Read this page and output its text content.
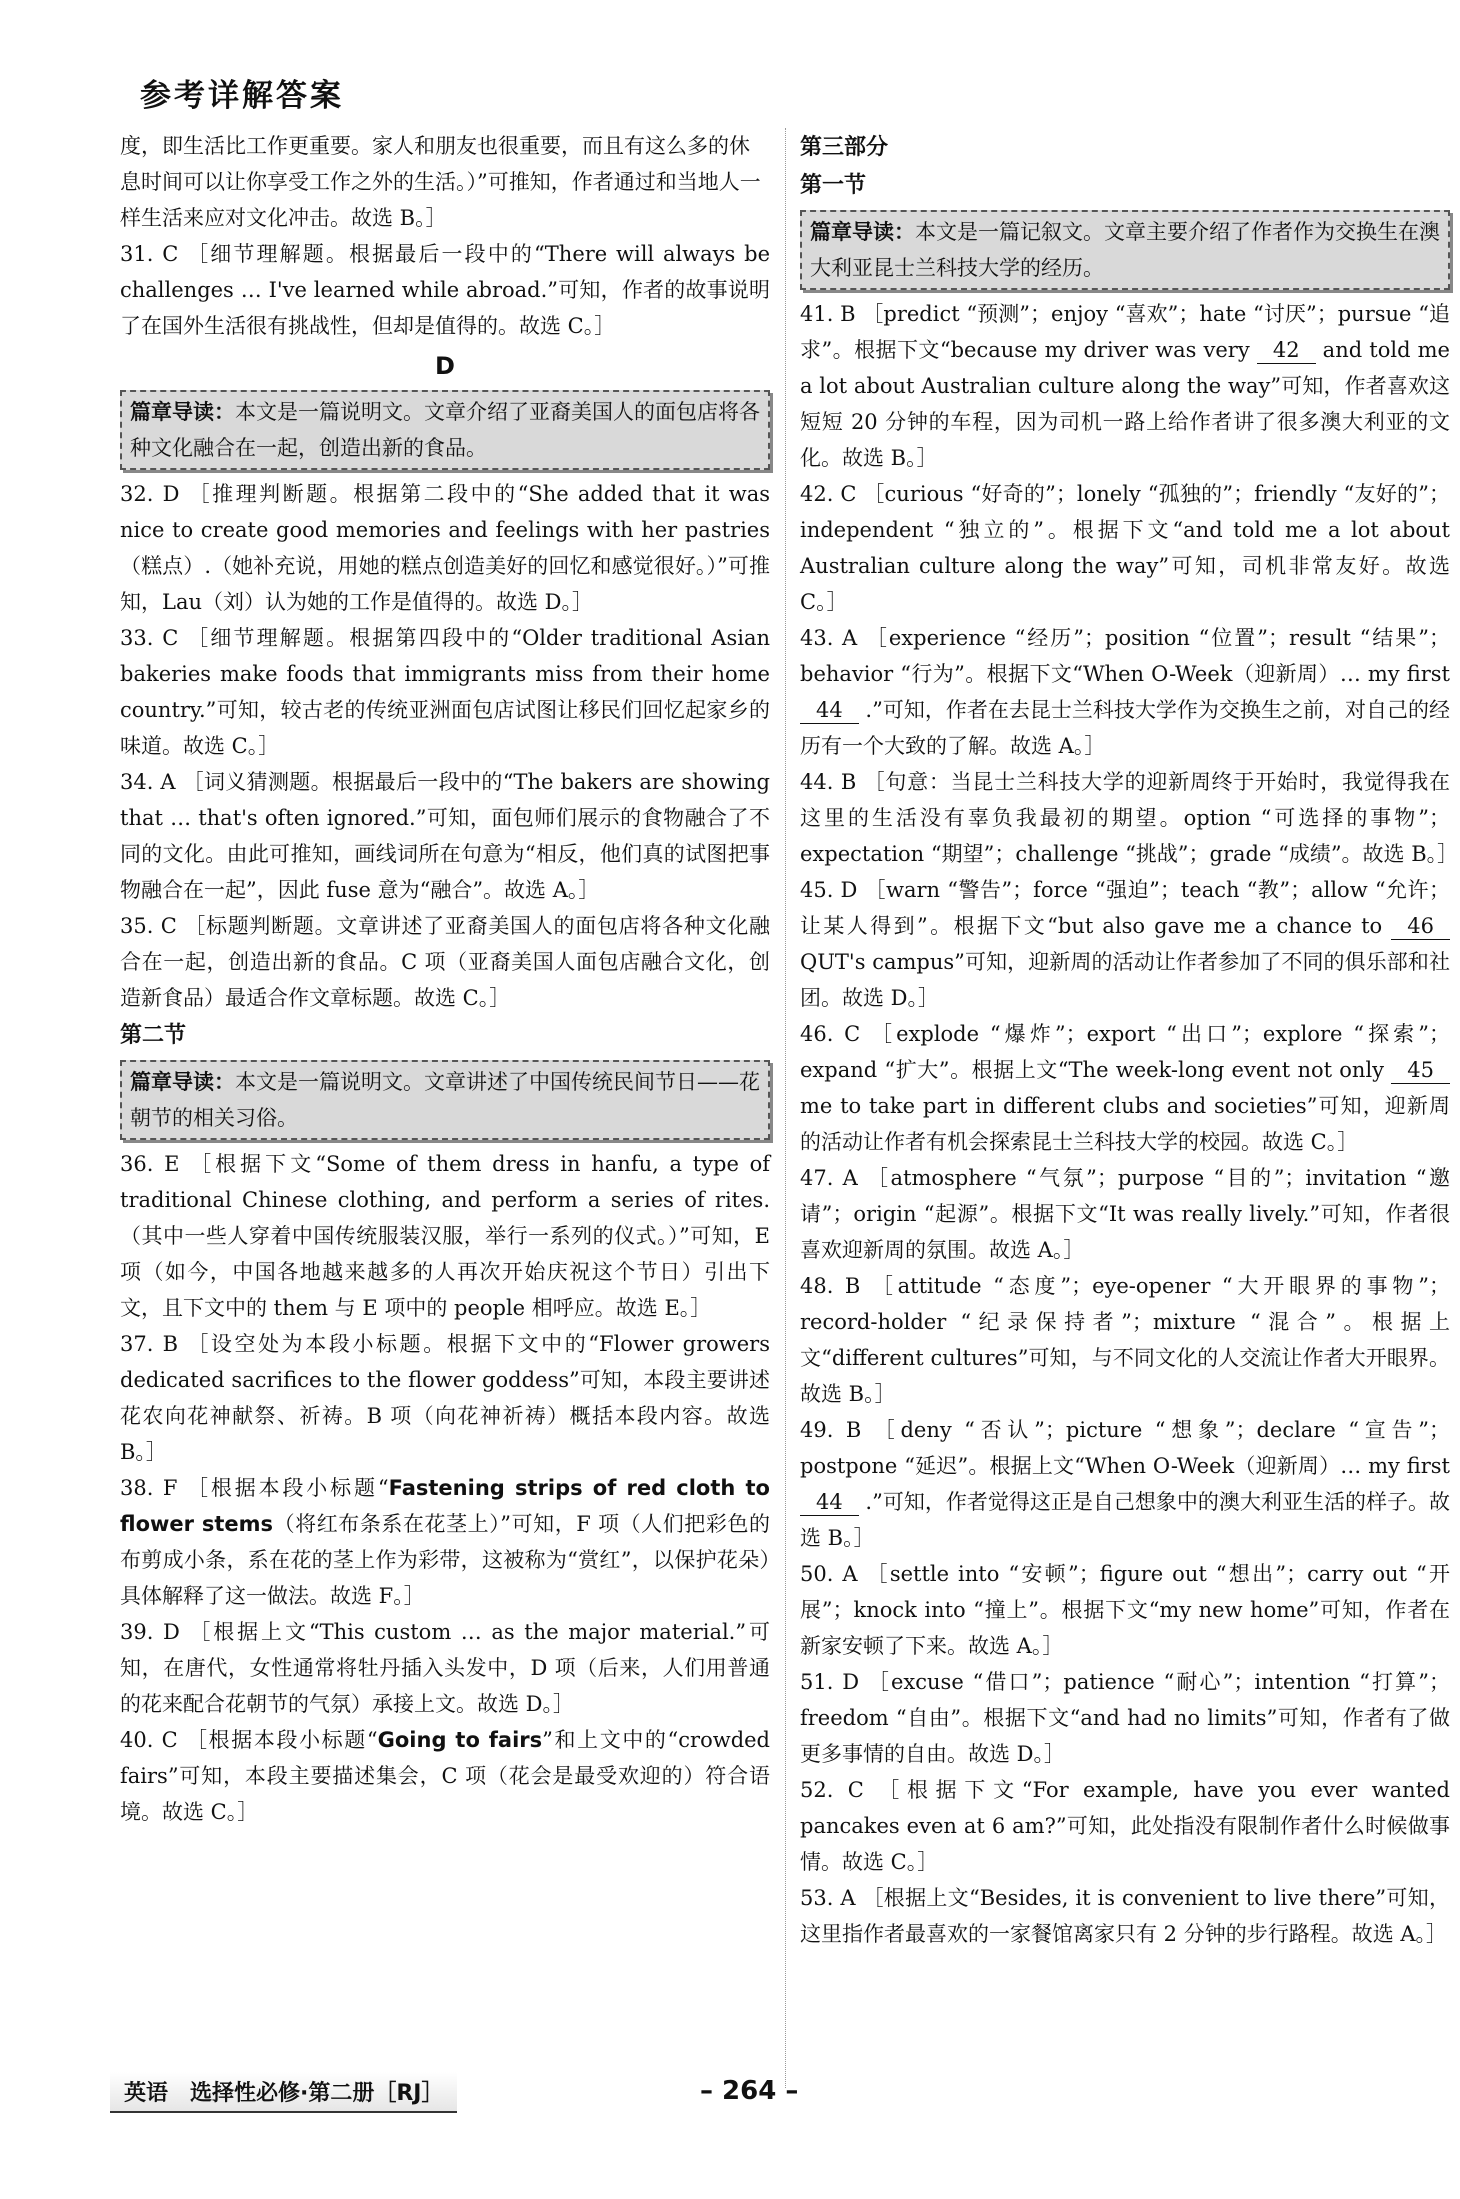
参考详解答案

度，即生活比工作更重要。家人和朋友也很重要，而且有这么多的休息时间可以让你享受工作之外的生活。）”可推知，作者通过和当地人一样生活来应对文化冲击。故选 B。］

31. C ［细节理解题。根据最后一段中的“There will always be challenges … I've learned while abroad.”可知，作者的故事说明了在国外生活很有挑战性，但却是值得的。故选 C。］

D
篇章导读：本文是一篇说明文。文章介绍了亚裔美国人的面包店将各种文化融合在一起，创造出新的食品。

32. D ［推理判断题。根据第二段中的“She added that it was nice to create good memories and feelings with her pastries（糕点）.（她补充说，用她的糕点创造美好的回忆和感觉很好。）”可推知，Lau（刘）认为她的工作是值得的。故选 D。］

33. C ［细节理解题。根据第四段中的“Older traditional Asian bakeries make foods that immigrants miss from their home country.”可知，较古老的传统亚洲面包店试图让移民们回忆起家乡的味道。故选 C。］

34. A ［词义猜测题。根据最后一段中的“The bakers are showing that … that's often ignored.”可知，面包师们展示的食物融合了不同的文化。由此可推知，画线词所在句意为“相反，他们真的试图把事物融合在一起”，因此 fuse 意为“融合”。故选 A。］

35. C ［标题判断题。文章讲述了亚裔美国人的面包店将各种文化融合在一起，创造出新的食品。C 项（亚裔美国人面包店融合文化，创造新食品）最适合作文章标题。故选 C。］

第二节
篇章导读：本文是一篇说明文。文章讲述了中国传统民间节日——花朝节的相关习俗。

36. E ［根据下文“Some of them dress in hanfu, a type of traditional Chinese clothing, and perform a series of rites.（其中一些人穿着中国传统服装汉服，举行一系列的仪式。）”可知，E 项（如今，中国各地越来越多的人再次开始庆祝这个节日）引出下文，且下文中的 them 与 E 项中的 people 相呼应。故选 E。］

37. B ［设空处为本段小标题。根据下文中的“Flower growers dedicated sacrifices to the flower goddess”可知，本段主要讲述花农向花神献祭、祈祷。B 项（向花神祈祷）概括本段内容。故选 B。］

38. F ［根据本段小标题“Fastening strips of red cloth to flower stems（将红布条系在花茎上）”可知，F 项（人们把彩色的布剪成小条，系在花的茎上作为彩带，这被称为“赏红”，以保护花朵）具体解释了这一做法。故选 F。］

39. D ［根据上文“This custom … as the major material.”可知，在唐代，女性通常将牡丹插入头发中，D 项（后来，人们用普通的花来配合花朝节的气氛）承接上文。故选 D。］

40. C ［根据本段小标题“Going to fairs”和上文中的“crowded fairs”可知，本段主要描述集会，C 项（花会是最受欢迎的）符合语境。故选 C。］

第三部分
第一节
篇章导读：本文是一篇记叙文。文章主要介绍了作者作为交换生在澳大利亚昆士兰科技大学的经历。

41. B ［predict “预测”；enjoy “喜欢”；hate “讨厌”；pursue “追求”。根据下文“because my driver was very 42 and told me a lot about Australian culture along the way”可知，作者喜欢这短短 20 分钟的车程，因为司机一路上给作者讲了很多澳大利亚的文化。故选 B。］

42. C ［curious “好奇的”；lonely “孤独的”；friendly “友好的”；independent “独立的”。根据下文“and told me a lot about Australian culture along the way”可知，司机非常友好。故选 C。］

43. A ［experience “经历”；position “位置”；result “结果”；behavior “行为”。根据下文“When O-Week（迎新周）… my first 44 .”可知，作者在去昆士兰科技大学作为交换生之前，对自己的经历有一个大致的了解。故选 A。］

44. B ［句意：当昆士兰科技大学的迎新周终于开始时，我觉得我在这里的生活没有辜负我最初的期望。option “可选择的事物”；expectation “期望”；challenge “挑战”；grade “成绩”。故选 B。］

45. D ［warn “警告”；force “强迫”；teach “教”；allow “允许；让某人得到”。根据下文“but also gave me a chance to 46 QUT's campus”可知，迎新周的活动让作者参加了不同的俱乐部和社团。故选 D。］

46. C ［explode “爆炸”；export “出口”；explore “探索”；expand “扩大”。根据上文“The week-long event not only 45 me to take part in different clubs and societies”可知，迎新周的活动让作者有机会探索昆士兰科技大学的校园。故选 C。］

47. A ［atmosphere “气氛”；purpose “目的”；invitation “邀请”；origin “起源”。根据下文“It was really lively.”可知，作者很喜欢迎新周的氛围。故选 A。］

48. B ［attitude “态度”；eye-opener “大开眼界的事物”；record-holder “纪录保持者”；mixture “混合”。根据上文“different cultures”可知，与不同文化的人交流让作者大开眼界。故选 B。］

49. B ［deny “否认”；picture “想象”；declare “宣告”；postpone “延迟”。根据上文“When O-Week（迎新周）… my first 44 .”可知，作者觉得这正是自己想象中的澳大利亚生活的样子。故选 B。］

50. A ［settle into “安顿”；figure out “想出”；carry out “开展”；knock into “撞上”。根据下文“my new home”可知，作者在新家安顿了下来。故选 A。］

51. D ［excuse “借口”；patience “耐心”；intention “打算”；freedom “自由”。根据下文“and had no limits”可知，作者有了做更多事情的自由。故选 D。］

52. C ［根据下文“For example, have you ever wanted pancakes even at 6 am?”可知，此处指没有限制作者什么时候做事情。故选 C。］

53. A ［根据上文“Besides, it is convenient to live there”可知，这里指作者最喜欢的一家餐馆离家只有 2 分钟的步行路程。故选 A。］

英语　选择性必修·第二册［RJ］	– 264 –
